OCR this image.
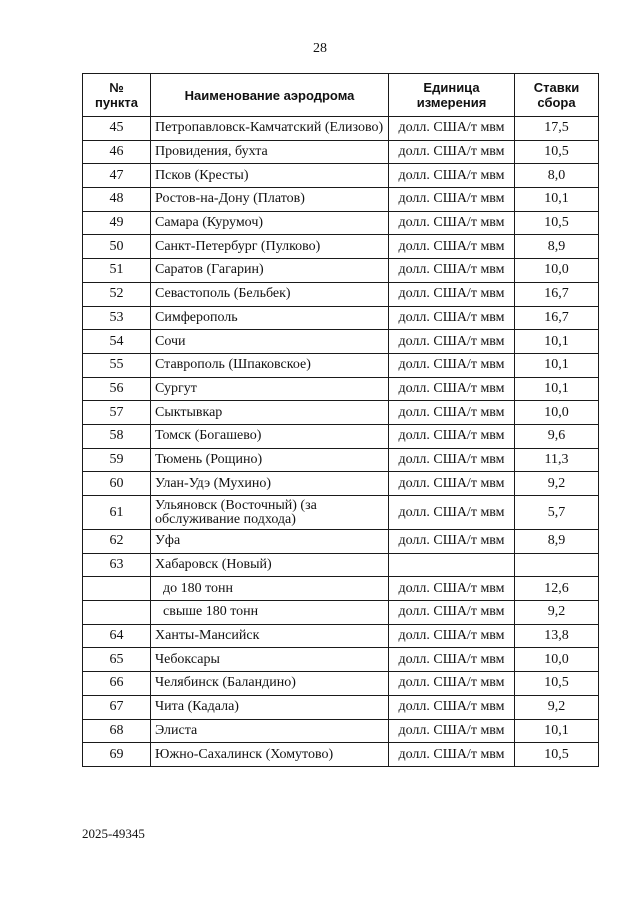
28
№ пункта	Наименование аэродрома	Единица измерения	Ставки сбора
45	Петропавловск-Камчатский (Елизово)	долл. США/т мвм	17,5
46	Провидения, бухта	долл. США/т мвм	10,5
47	Псков (Кресты)	долл. США/т мвм	8,0
48	Ростов-на-Дону (Платов)	долл. США/т мвм	10,1
49	Самара (Курумоч)	долл. США/т мвм	10,5
50	Санкт-Петербург (Пулково)	долл. США/т мвм	8,9
51	Саратов (Гагарин)	долл. США/т мвм	10,0
52	Севастополь (Бельбек)	долл. США/т мвм	16,7
53	Симферополь	долл. США/т мвм	16,7
54	Сочи	долл. США/т мвм	10,1
55	Ставрополь (Шпаковское)	долл. США/т мвм	10,1
56	Сургут	долл. США/т мвм	10,1
57	Сыктывкар	долл. США/т мвм	10,0
58	Томск (Богашево)	долл. США/т мвм	9,6
59	Тюмень (Рощино)	долл. США/т мвм	11,3
60	Улан-Удэ (Мухино)	долл. США/т мвм	9,2
61	Ульяновск (Восточный) (за обслуживание подхода)	долл. США/т мвм	5,7
62	Уфа	долл. США/т мвм	8,9
63	Хабаровск (Новый)		
	до 180 тонн	долл. США/т мвм	12,6
	свыше 180 тонн	долл. США/т мвм	9,2
64	Ханты-Мансийск	долл. США/т мвм	13,8
65	Чебоксары	долл. США/т мвм	10,0
66	Челябинск (Баландино)	долл. США/т мвм	10,5
67	Чита (Кадала)	долл. США/т мвм	9,2
68	Элиста	долл. США/т мвм	10,1
69	Южно-Сахалинск (Хомутово)	долл. США/т мвм	10,5
2025-49345
